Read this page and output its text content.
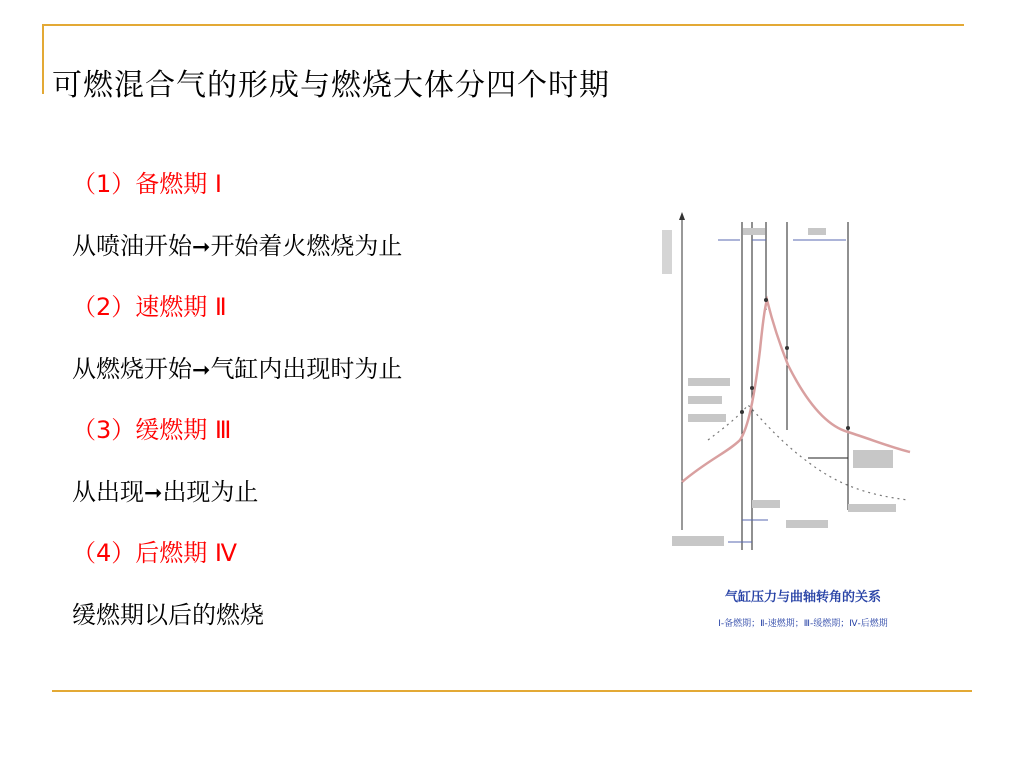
可燃混合气的形成与燃烧大体分四个时期
（1）备燃期 Ⅰ
从喷油开始➞开始着火燃烧为止
（2）速燃期 Ⅱ
从燃烧开始➞气缸内出现时为止
（3）缓燃期 Ⅲ
从出现➞出现为止
（4）后燃期 Ⅳ
缓燃期以后的燃烧
气缸压力与曲轴转角的关系
Ⅰ-备燃期；Ⅱ-速燃期；Ⅲ-缓燃期；Ⅳ-后燃期
